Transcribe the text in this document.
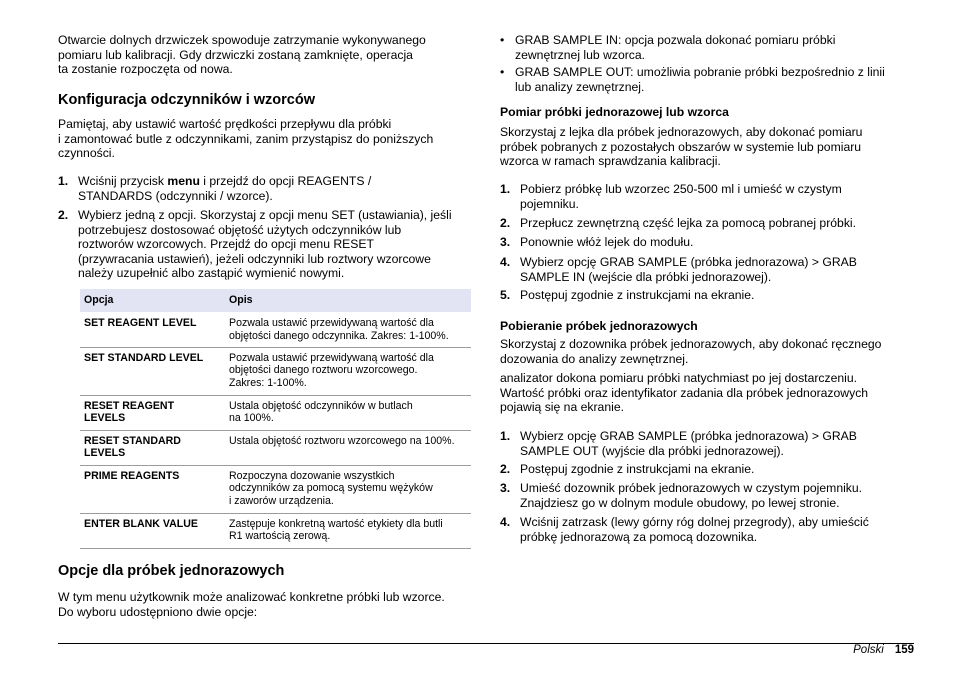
Otwarcie dolnych drzwiczek spowoduje zatrzymanie wykonywanego
pomiaru lub kalibracji. Gdy drzwiczki zostaną zamknięte, operacja
ta zostanie rozpoczęta od nowa.

Konfiguracja odczynników i wzorców

Pamiętaj, aby ustawić wartość prędkości przepływu dla próbki
i zamontować butle z odczynnikami, zanim przystąpisz do poniższych
czynności.

1. Wciśnij przycisk menu i przejdź do opcji REAGENTS /
STANDARDS (odczynniki / wzorce).
2. Wybierz jedną z opcji. Skorzystaj z opcji menu SET (ustawiania), jeśli
potrzebujesz dostosować objętość użytych odczynników lub
roztworów wzorcowych. Przejdź do opcji menu RESET
(przywracania ustawień), jeżeli odczynniki lub roztwory wzorcowe
należy uzupełnić albo zastąpić wymienić nowymi.
Opcja	Opis
SET REAGENT LEVEL	Pozwala ustawić przewidywaną wartość dla
objętości danego odczynnika. Zakres: 1-100%.
SET STANDARD LEVEL	Pozwala ustawić przewidywaną wartość dla
objętości danego roztworu wzorcowego.
Zakres: 1-100%.
RESET REAGENT
LEVELS	Ustala objętość odczynników w butlach
na 100%.
RESET STANDARD
LEVELS	Ustala objętość roztworu wzorcowego na 100%.
PRIME REAGENTS	Rozpoczyna dozowanie wszystkich
odczynników za pomocą systemu wężyków
i zaworów urządzenia.
ENTER BLANK VALUE	Zastępuje konkretną wartość etykiety dla butli
R1 wartością zerową.
Opcje dla próbek jednorazowych

W tym menu użytkownik może analizować konkretne próbki lub wzorce.
Do wyboru udostępniono dwie opcje:

• GRAB SAMPLE IN: opcja pozwala dokonać pomiaru próbki
zewnętrznej lub wzorca.
• GRAB SAMPLE OUT: umożliwia pobranie próbki bezpośrednio z linii
lub analizy zewnętrznej.
Pomiar próbki jednorazowej lub wzorca

Skorzystaj z lejka dla próbek jednorazowych, aby dokonać pomiaru
próbek pobranych z pozostałych obszarów w systemie lub pomiaru
wzorca w ramach sprawdzania kalibracji.

1. Pobierz próbkę lub wzorzec 250-500 ml i umieść w czystym
pojemniku.
2. Przepłucz zewnętrzną część lejka za pomocą pobranej próbki.
3. Ponownie włóż lejek do modułu.
4. Wybierz opcję GRAB SAMPLE (próbka jednorazowa) > GRAB
SAMPLE IN (wejście dla próbki jednorazowej).
5. Postępuj zgodnie z instrukcjami na ekranie.
Pobieranie próbek jednorazowych

Skorzystaj z dozownika próbek jednorazowych, aby dokonać ręcznego
dozowania do analizy zewnętrznej.

analizator dokona pomiaru próbki natychmiast po jej dostarczeniu.
Wartość próbki oraz identyfikator zadania dla próbek jednorazowych
pojawią się na ekranie.

1. Wybierz opcję GRAB SAMPLE (próbka jednorazowa) > GRAB
SAMPLE OUT (wyjście dla próbki jednorazowej).
2. Postępuj zgodnie z instrukcjami na ekranie.
3. Umieść dozownik próbek jednorazowych w czystym pojemniku.
Znajdziesz go w dolnym module obudowy, po lewej stronie.
4. Wciśnij zatrzask (lewy górny róg dolnej przegrody), aby umieścić
próbkę jednorazową za pomocą dozownika.
Polski 159
